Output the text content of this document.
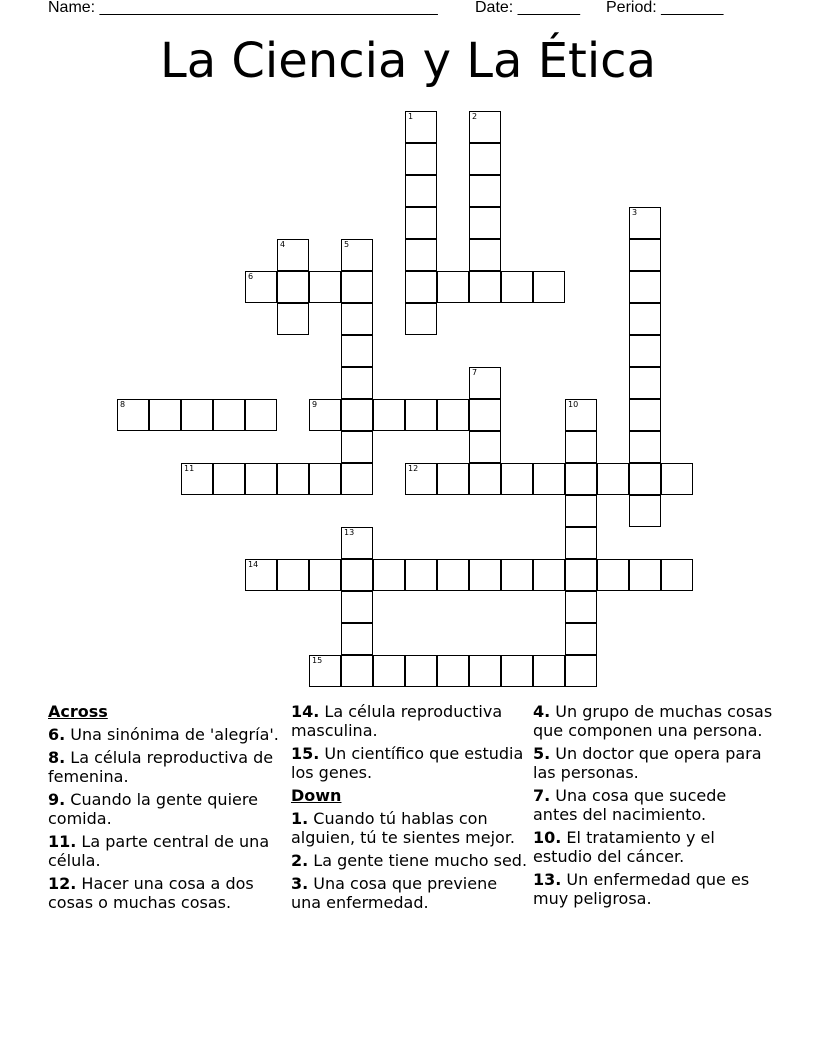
Name: ______________________________________ Date: _______ Period: _______
La Ciencia y La Ética
1	2
3
4	5
6
7
8	9	10
11	12
13
14
15
Across
6. Una sinónima de 'alegría'.
8. La célula reproductiva de femenina.
9. Cuando la gente quiere comida.
11. La parte central de una célula.
12. Hacer una cosa a dos cosas o muchas cosas.
14. La célula reproductiva masculina.
15. Un científico que estudia los genes.
Down
1. Cuando tú hablas con alguien, tú te sientes mejor.
2. La gente tiene mucho sed.
3. Una cosa que previene una enfermedad.
4. Un grupo de muchas cosas que componen una persona.
5. Un doctor que opera para las personas.
7. Una cosa que sucede antes del nacimiento.
10. El tratamiento y el estudio del cáncer.
13. Un enfermedad que es muy peligrosa.
